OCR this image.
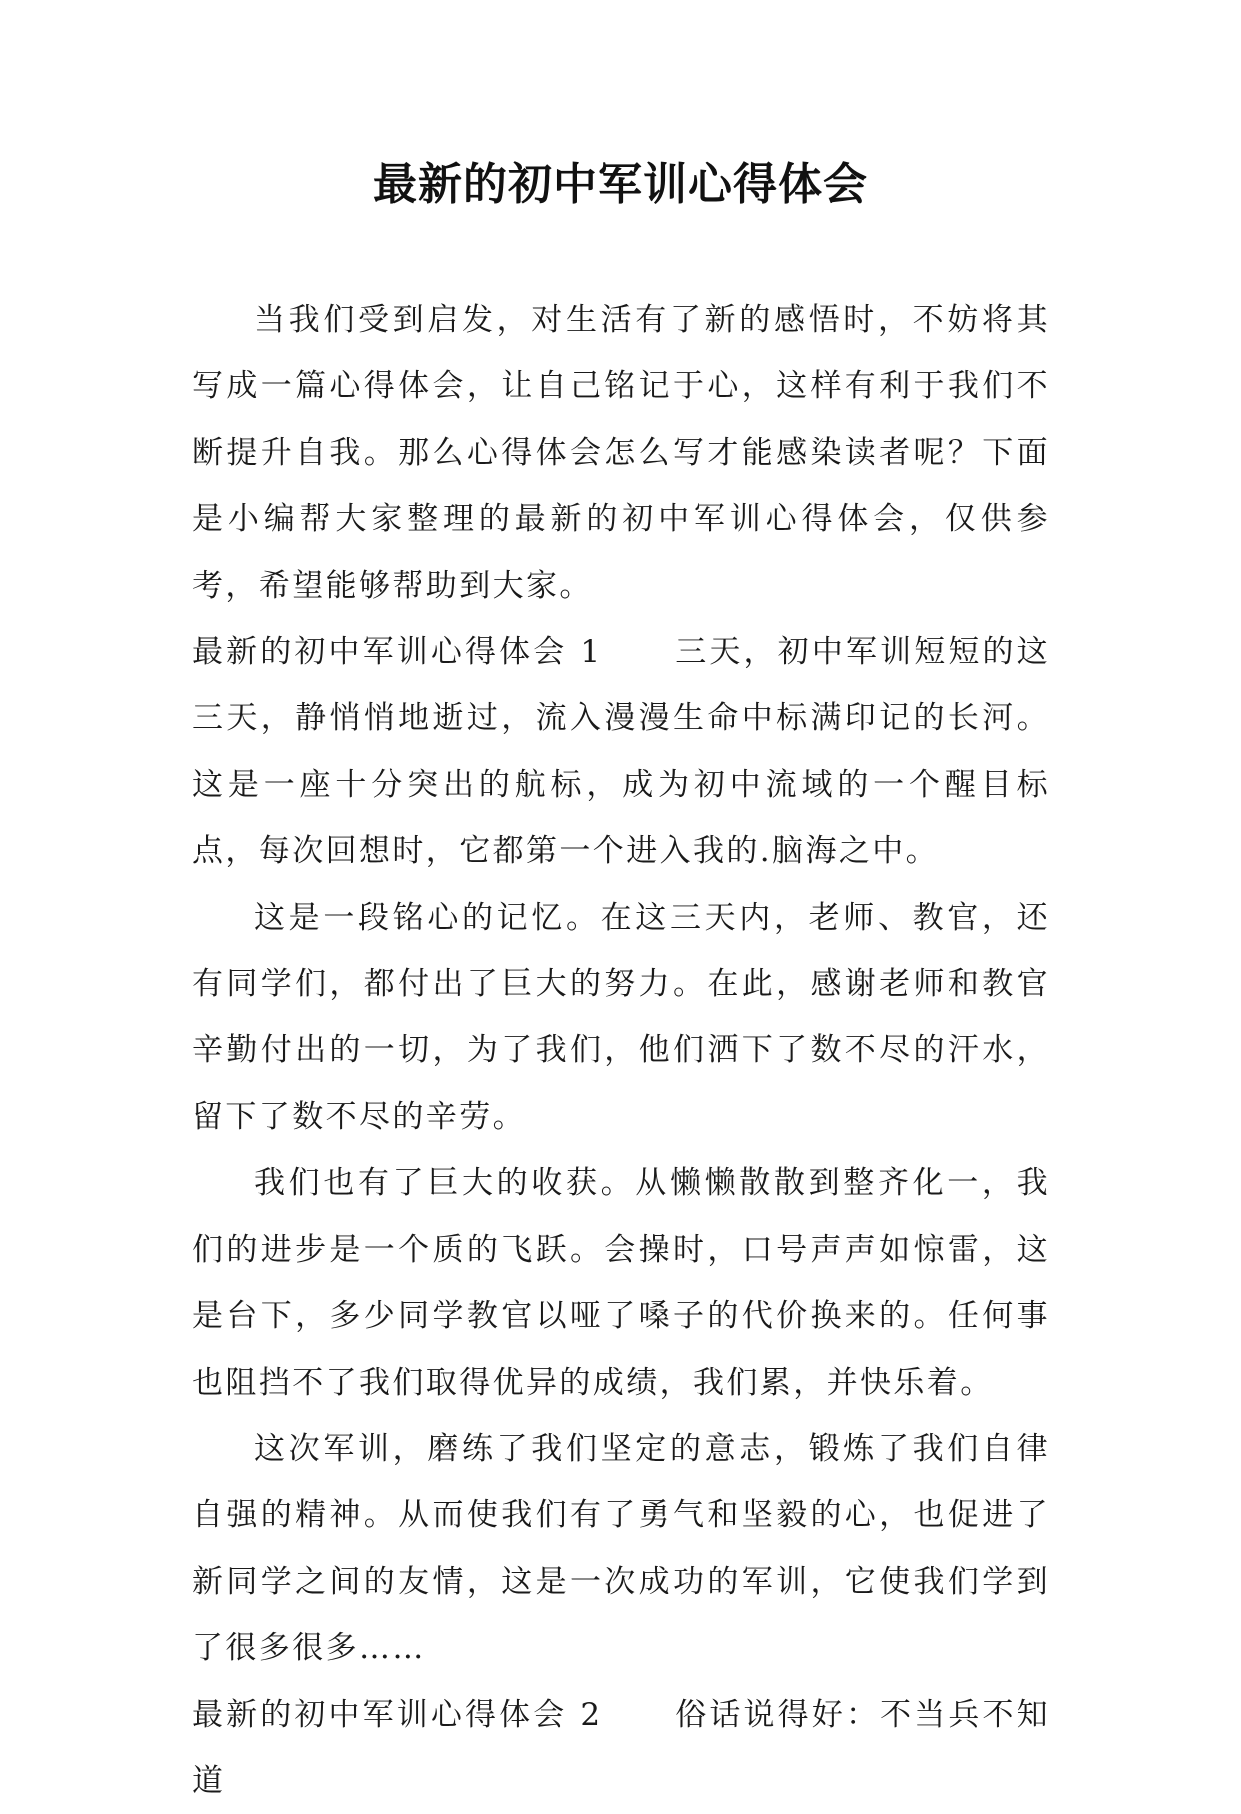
最新的初中军训心得体会

当我们受到启发，对生活有了新的感悟时，不妨将其写成一篇心得体会，让自己铭记于心，这样有利于我们不断提升自我。那么心得体会怎么写才能感染读者呢？下面是小编帮大家整理的最新的初中军训心得体会，仅供参考，希望能够帮助到大家。

最新的初中军训心得体会 1 三天，初中军训短短的这三天，静悄悄地逝过，流入漫漫生命中标满印记的长河。这是一座十分突出的航标，成为初中流域的一个醒目标点，每次回想时，它都第一个进入我的.脑海之中。

这是一段铭心的记忆。在这三天内，老师、教官，还有同学们，都付出了巨大的努力。在此，感谢老师和教官辛勤付出的一切，为了我们，他们洒下了数不尽的汗水，留下了数不尽的辛劳。

我们也有了巨大的收获。从懒懒散散到整齐化一，我们的进步是一个质的飞跃。会操时，口号声声如惊雷，这是台下，多少同学教官以哑了嗓子的代价换来的。任何事也阻挡不了我们取得优异的成绩，我们累，并快乐着。

这次军训，磨练了我们坚定的意志，锻炼了我们自律自强的精神。从而使我们有了勇气和坚毅的心，也促进了新同学之间的友情，这是一次成功的军训，它使我们学到了很多很多……

最新的初中军训心得体会 2 俗话说得好：不当兵不知道
